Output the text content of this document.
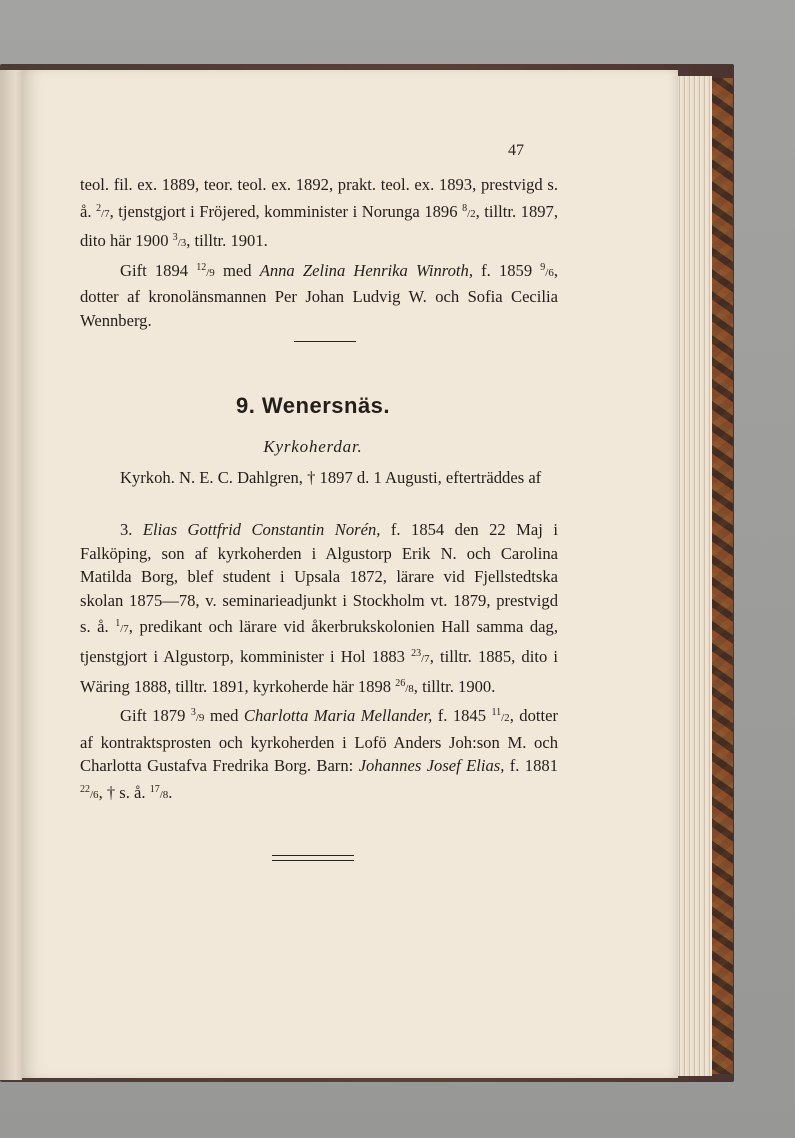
47

teol. fil. ex. 1889, teor. teol. ex. 1892, prakt. teol. ex. 1893, prestvigd s. å. $^2$/7, tjenstgjort i Fröjered, komminister i Norunga 1896 $^8$/2, tilltr. 1897, dito här 1900 $^3$/3, tilltr. 1901.

Gift 1894 $^{12}$/9 med Anna Zelina Henrika Winroth, f. 1859 $^9$/6, dotter af kronolänsmannen Per Johan Ludvig W. och Sofia Cecilia Wennberg.

9. Wenersnäs.
Kyrkoherdar.

Kyrkoh. N. E. C. Dahlgren, † 1897 d. 1 Augusti, efterträddes af

3. Elias Gottfrid Constantin Norén, f. 1854 den 22 Maj i Falköping, son af kyrkoherden i Algustorp Erik N. och Carolina Matilda Borg, blef student i Upsala 1872, lärare vid Fjellstedtska skolan 1875—78, v. seminarieadjunkt i Stockholm vt. 1879, prestvigd s. å. $^1$/7, predikant och lärare vid åkerbrukskolonien Hall samma dag, tjenstgjort i Algustorp, komminister i Hol 1883 $^{23}$/7, tilltr. 1885, dito i Wäring 1888, tilltr. 1891, kyrkoherde här 1898 $^{26}$/8, tilltr. 1900.

Gift 1879 $^3$/9 med Charlotta Maria Mellander, f. 1845 $^{11}$/2, dotter af kontraktsprosten och kyrkoherden i Lofö Anders Joh:son M. och Charlotta Gustafva Fredrika Borg. Barn: Johannes Josef Elias, f. 1881 $^{22}$/6, † s. å. $^{17}$/8.
